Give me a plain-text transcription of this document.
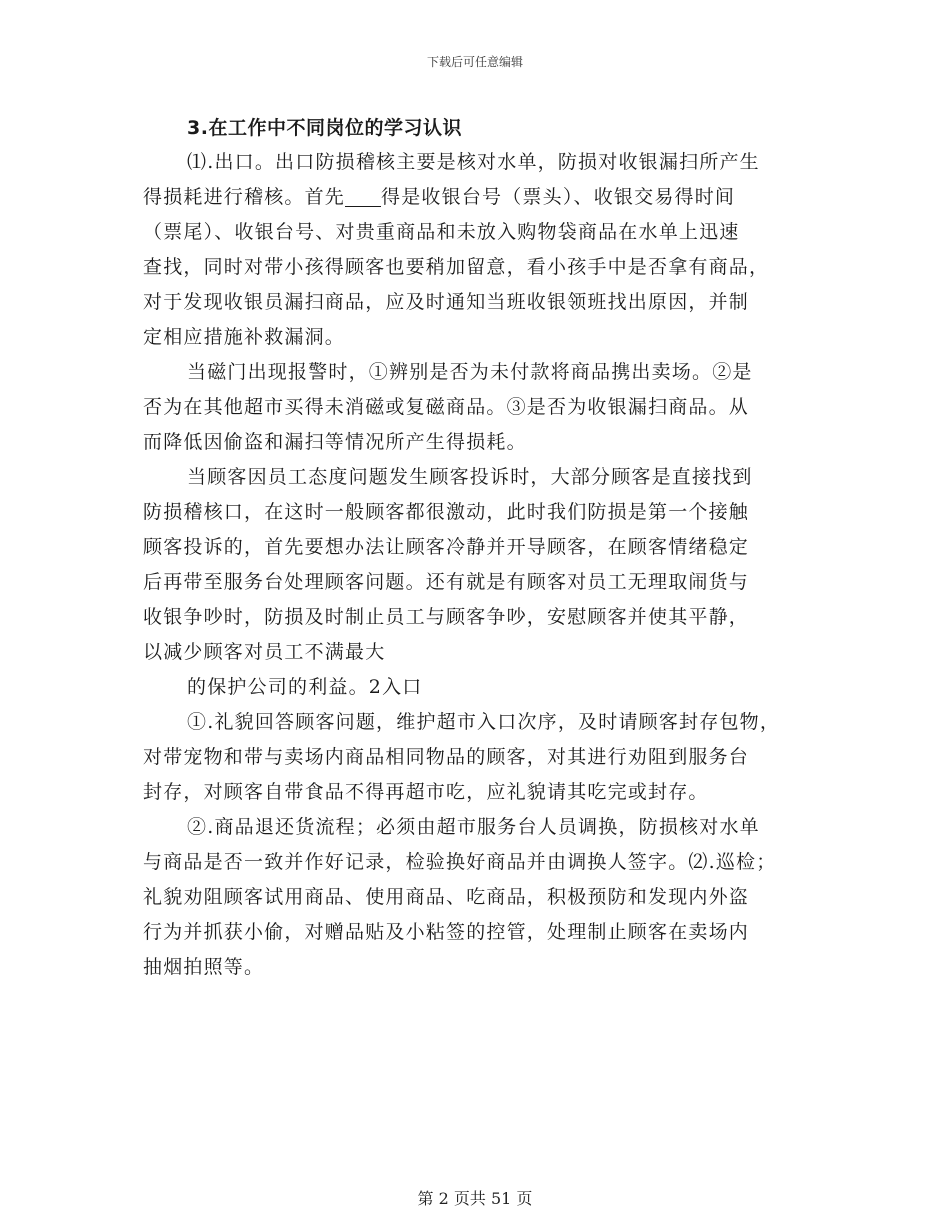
下载后可任意编辑
3.在工作中不同岗位的学习认识
⑴.出口。出口防损稽核主要是核对水单，防损对收银漏扫所产生
得损耗进行稽核。首先 得是收银台号（票头）、收银交易得时间
（票尾）、收银台号、对贵重商品和未放入购物袋商品在水单上迅速
查找，同时对带小孩得顾客也要稍加留意，看小孩手中是否拿有商品，
对于发现收银员漏扫商品，应及时通知当班收银领班找出原因，并制
定相应措施补救漏洞。
当磁门出现报警时，①辨别是否为未付款将商品携出卖场。②是
否为在其他超市买得未消磁或复磁商品。③是否为收银漏扫商品。从
而降低因偷盗和漏扫等情况所产生得损耗。
当顾客因员工态度问题发生顾客投诉时，大部分顾客是直接找到
防损稽核口，在这时一般顾客都很激动，此时我们防损是第一个接触
顾客投诉的，首先要想办法让顾客冷静并开导顾客，在顾客情绪稳定
后再带至服务台处理顾客问题。还有就是有顾客对员工无理取闹货与
收银争吵时，防损及时制止员工与顾客争吵，安慰顾客并使其平静，
以减少顾客对员工不满最大
的保护公司的利益。2入口
①.礼貌回答顾客问题，维护超市入口次序，及时请顾客封存包物，
对带宠物和带与卖场内商品相同物品的顾客，对其进行劝阻到服务台
封存，对顾客自带食品不得再超市吃，应礼貌请其吃完或封存。
②.商品退还货流程；必须由超市服务台人员调换，防损核对水单
与商品是否一致并作好记录，检验换好商品并由调换人签字。⑵.巡检；
礼貌劝阻顾客试用商品、使用商品、吃商品，积极预防和发现内外盗
行为并抓获小偷，对赠品贴及小粘签的控管，处理制止顾客在卖场内
抽烟拍照等。
第 2 页共 51 页
